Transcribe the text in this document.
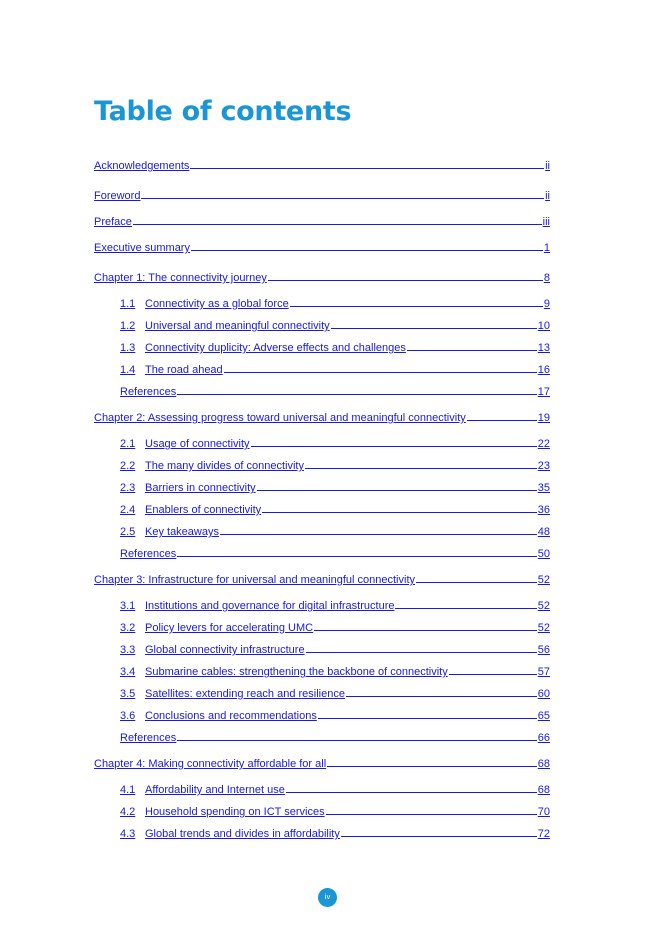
Table of contents
Acknowledgements .....	ii
Foreword .....	ii
Preface .....	iii
Executive summary .....	1
Chapter 1: The connectivity journey .....	8
1.1 Connectivity as a global force .....	9
1.2 Universal and meaningful connectivity .....	10
1.3 Connectivity duplicity: Adverse effects and challenges .....	13
1.4 The road ahead .....	16
References .....	17
Chapter 2: Assessing progress toward universal and meaningful connectivity .....	19
2.1 Usage of connectivity .....	22
2.2 The many divides of connectivity .....	23
2.3 Barriers in connectivity .....	35
2.4 Enablers of connectivity .....	36
2.5 Key takeaways .....	48
References .....	50
Chapter 3: Infrastructure for universal and meaningful connectivity .....	52
3.1 Institutions and governance for digital infrastructure .....	52
3.2 Policy levers for accelerating UMC .....	52
3.3 Global connectivity infrastructure .....	56
3.4 Submarine cables: strengthening the backbone of connectivity .....	57
3.5 Satellites: extending reach and resilience .....	60
3.6 Conclusions and recommendations .....	65
References .....	66
Chapter 4: Making connectivity affordable for all .....	68
4.1 Affordability and Internet use .....	68
4.2 Household spending on ICT services .....	70
4.3 Global trends and divides in affordability .....	72
iv
